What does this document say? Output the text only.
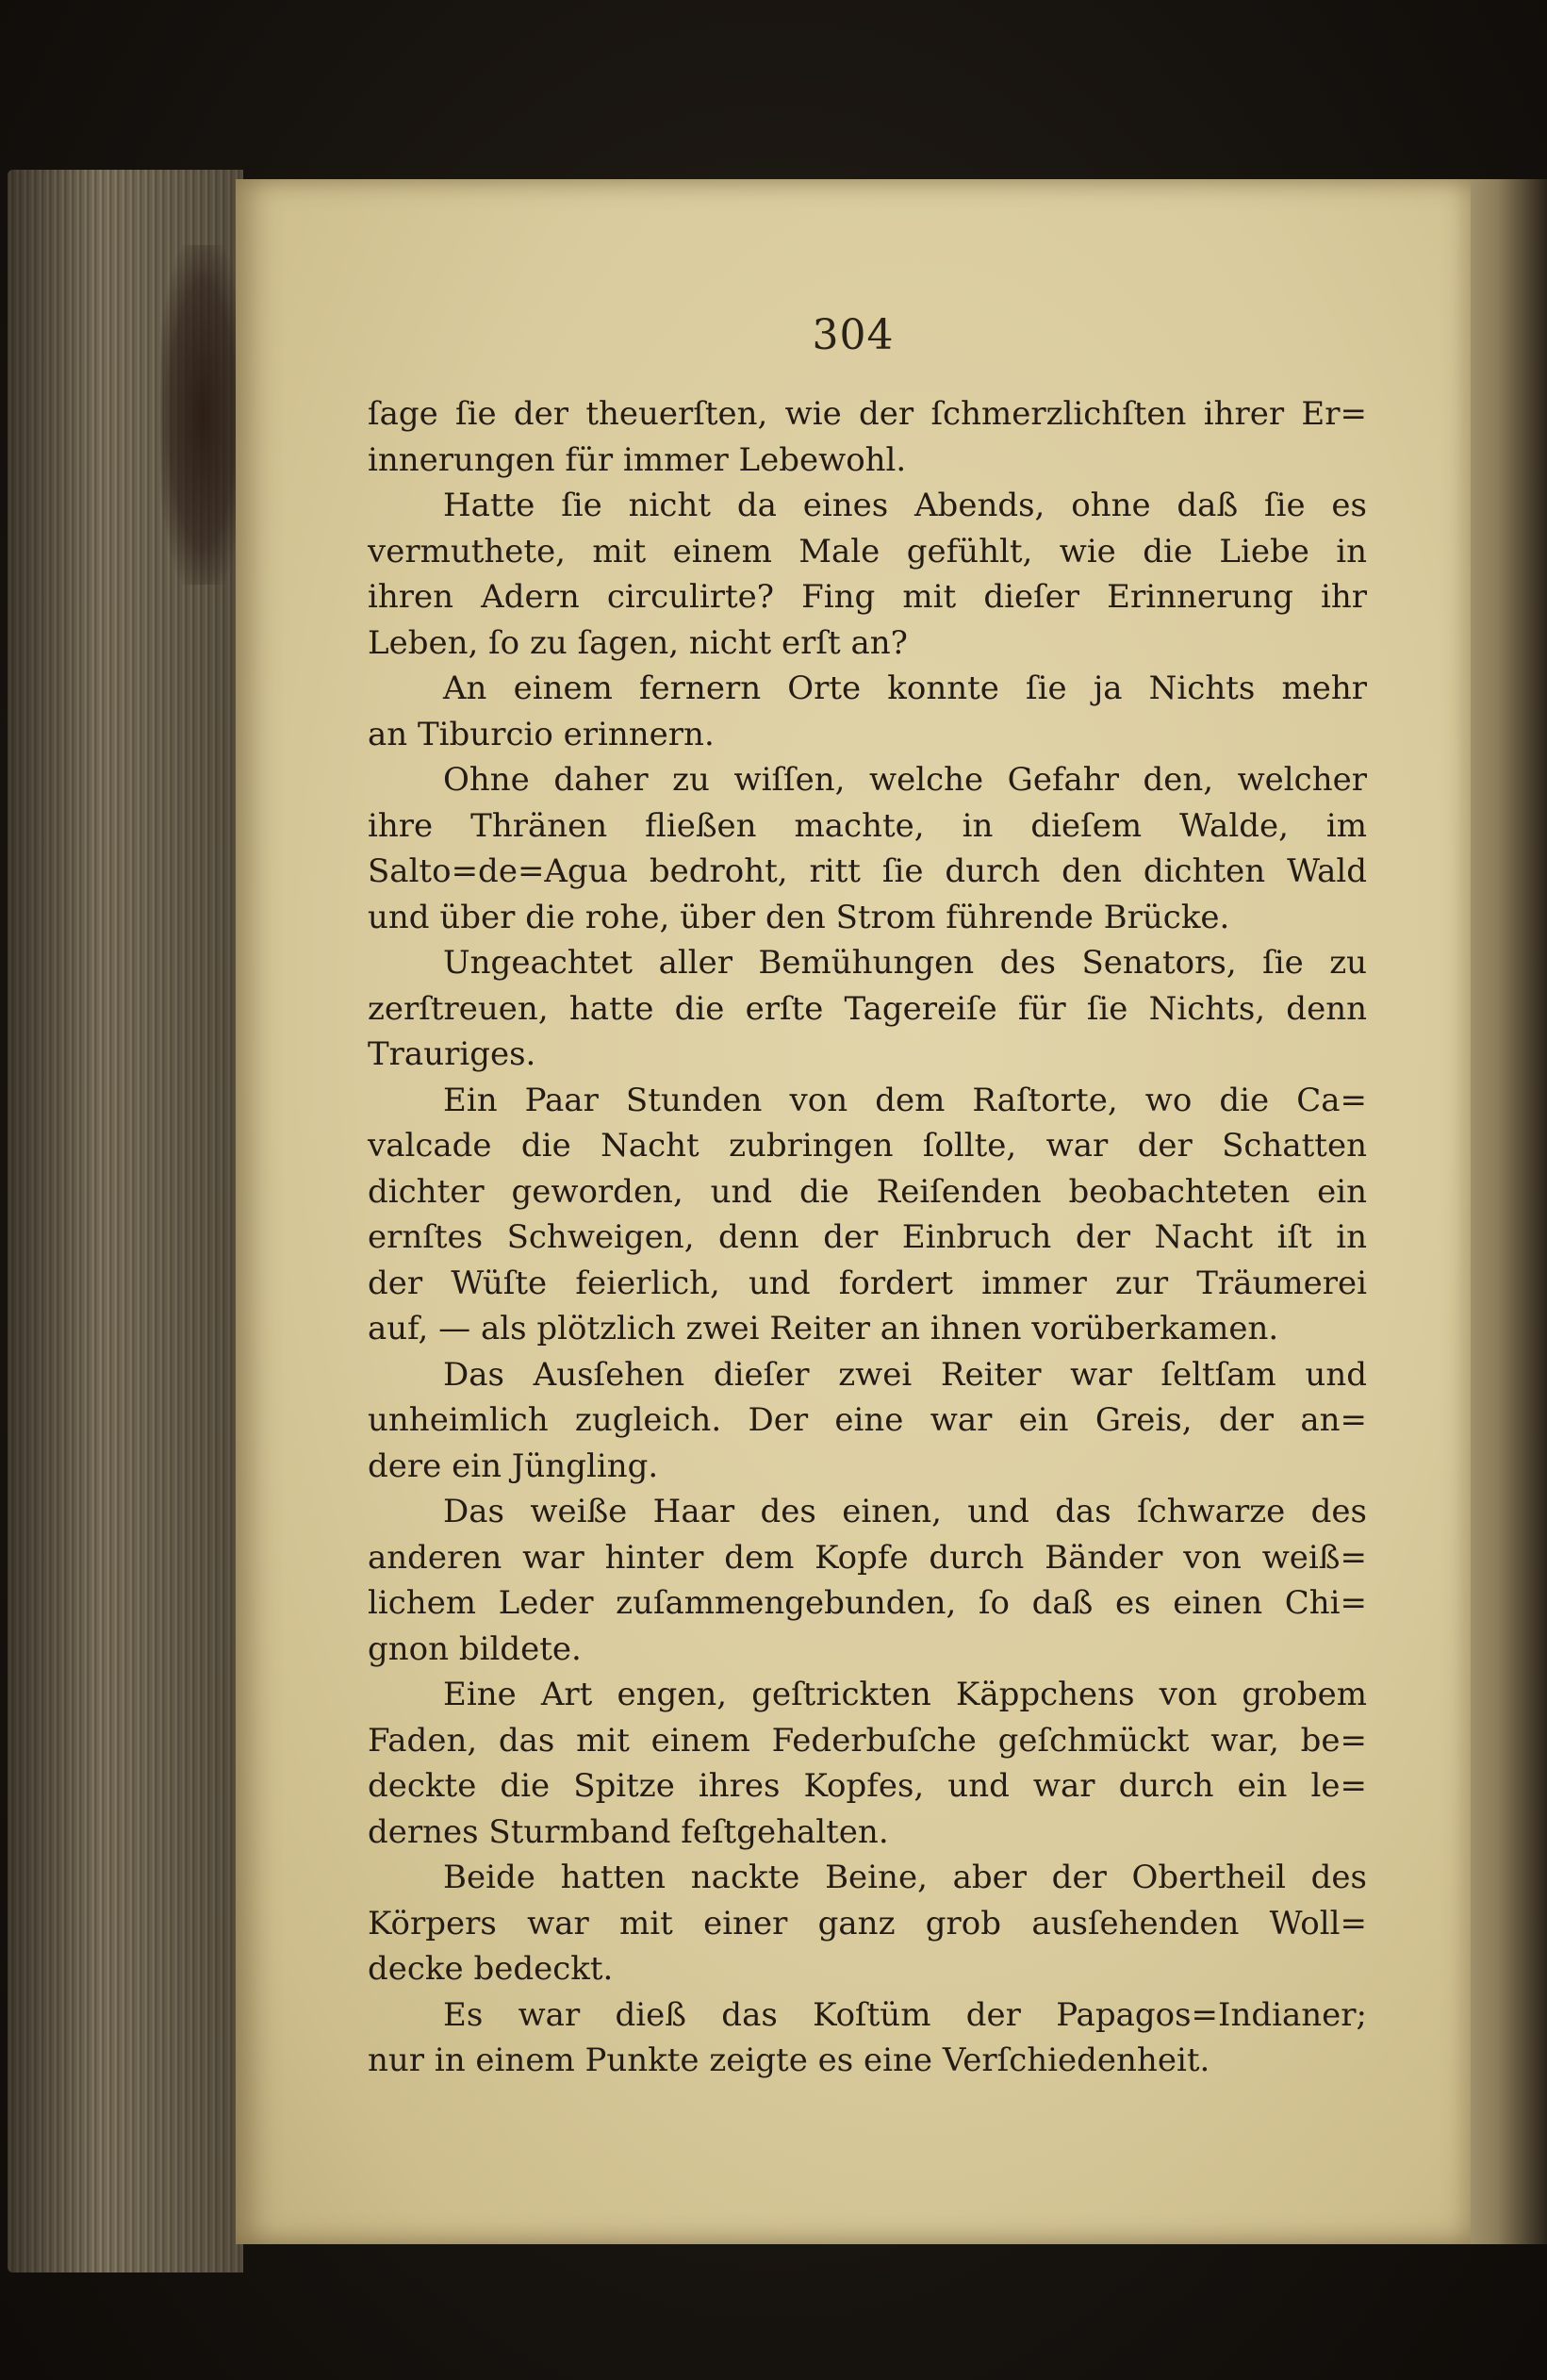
304
ſage ſie der theuerſten, wie der ſchmerzlichſten ihrer Er=
innerungen für immer Lebewohl.
Hatte ſie nicht da eines Abends, ohne daß ſie es
vermuthete, mit einem Male gefühlt, wie die Liebe in
ihren Adern circulirte? Fing mit dieſer Erinnerung ihr
Leben, ſo zu ſagen, nicht erſt an?
An einem fernern Orte konnte ſie ja Nichts mehr
an Tiburcio erinnern.
Ohne daher zu wiſſen, welche Gefahr den, welcher
ihre Thränen fließen machte, in dieſem Walde, im
Salto=de=Agua bedroht, ritt ſie durch den dichten Wald
und über die rohe, über den Strom führende Brücke.
Ungeachtet aller Bemühungen des Senators, ſie zu
zerſtreuen, hatte die erſte Tagereiſe für ſie Nichts, denn
Trauriges.
Ein Paar Stunden von dem Raſtorte, wo die Ca=
valcade die Nacht zubringen ſollte, war der Schatten
dichter geworden, und die Reiſenden beobachteten ein
ernſtes Schweigen, denn der Einbruch der Nacht iſt in
der Wüſte feierlich, und fordert immer zur Träumerei
auf, — als plötzlich zwei Reiter an ihnen vorüberkamen.
Das Ausſehen dieſer zwei Reiter war ſeltſam und
unheimlich zugleich. Der eine war ein Greis, der an=
dere ein Jüngling.
Das weiße Haar des einen, und das ſchwarze des
anderen war hinter dem Kopfe durch Bänder von weiß=
lichem Leder zuſammengebunden, ſo daß es einen Chi=
gnon bildete.
Eine Art engen, geſtrickten Käppchens von grobem
Faden, das mit einem Federbuſche geſchmückt war, be=
deckte die Spitze ihres Kopfes, und war durch ein le=
dernes Sturmband feſtgehalten.
Beide hatten nackte Beine, aber der Obertheil des
Körpers war mit einer ganz grob ausſehenden Woll=
decke bedeckt.
Es war dieß das Koſtüm der Papagos=Indianer;
nur in einem Punkte zeigte es eine Verſchiedenheit.
